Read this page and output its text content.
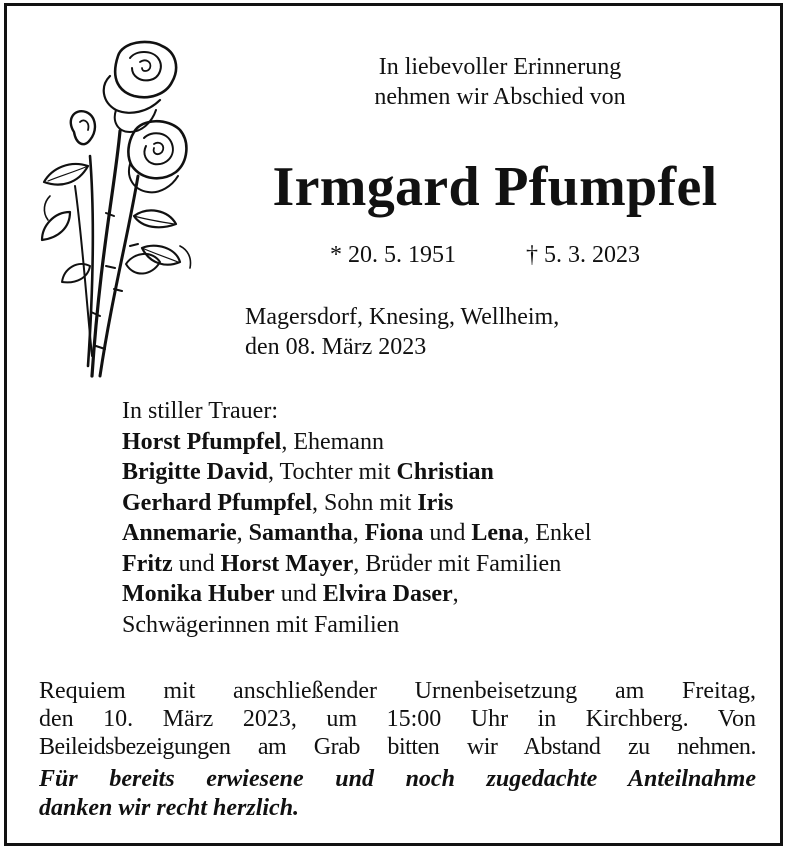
In liebevoller Erinnerung
nehmen wir Abschied von
Irmgard Pfumpfel
* 20. 5. 1951	† 5. 3. 2023
Magersdorf, Knesing, Wellheim,
den 08. März 2023
In stiller Trauer:
Horst Pfumpfel, Ehemann
Brigitte David, Tochter mit Christian
Gerhard Pfumpfel, Sohn mit Iris
Annemarie, Samantha, Fiona und Lena, Enkel
Fritz und Horst Mayer, Brüder mit Familien
Monika Huber und Elvira Daser,
Schwägerinnen mit Familien
Requiem mit anschließender Urnenbeisetzung am Freitag,
den 10. März 2023, um 15:00 Uhr in Kirchberg. Von
Beileidsbezeigungen am Grab bitten wir Abstand zu nehmen.
Für bereits erwiesene und noch zugedachte Anteilnahme
danken wir recht herzlich.
